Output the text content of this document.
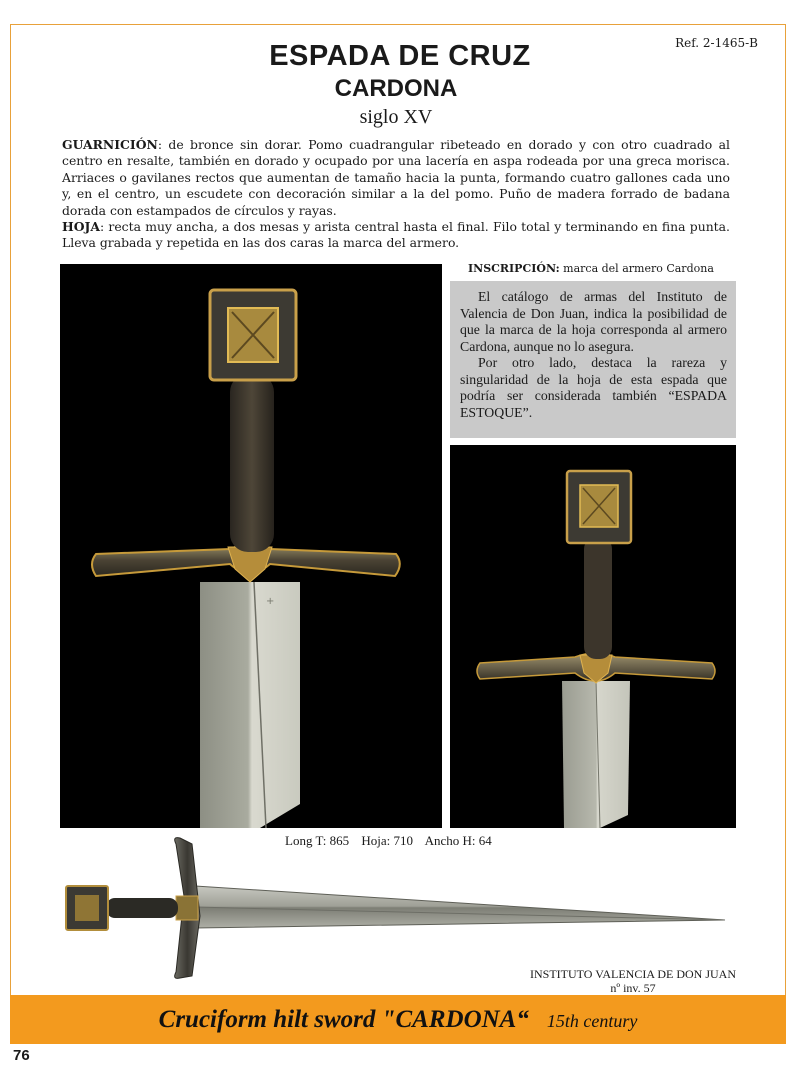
Ref. 2-1465-B
ESPADA DE CRUZ
CARDONA
siglo XV

GUARNICIÓN: de bronce sin dorar. Pomo cuadrangular ribeteado en dorado y con otro cuadrado al centro en resalte, también en dorado y ocupado por una lacería en aspa rodeada por una greca morisca. Arriaces o gavilanes rectos que aumentan de tamaño hacia la punta, formando cuatro gallones cada uno y, en el centro, un escudete con decoración similar a la del pomo. Puño de madera forrado de badana dorada con estampados de círculos y rayas.

HOJA: recta muy ancha, a dos mesas y arista central hasta el final. Filo total y terminando en fina punta. Lleva grabada y repetida en las dos caras la marca del armero.

+
INSCRIPCIÓN: marca del armero Cardona

El catálogo de armas del Instituto de Valencia de Don Juan, indica la posibilidad de que la marca de la hoja corresponda al armero Cardona, aunque no lo asegura.

Por otro lado, destaca la rareza y singularidad de la hoja de esta espada que podría ser considerada también “ESPADA ESTOQUE”.

Long T: 865 Hoja: 710 Ancho H: 64
INSTITUTO VALENCIA DE DON JUAN
nº inv. 57
Cruciform hilt sword "CARDONA“ 15th century
76
